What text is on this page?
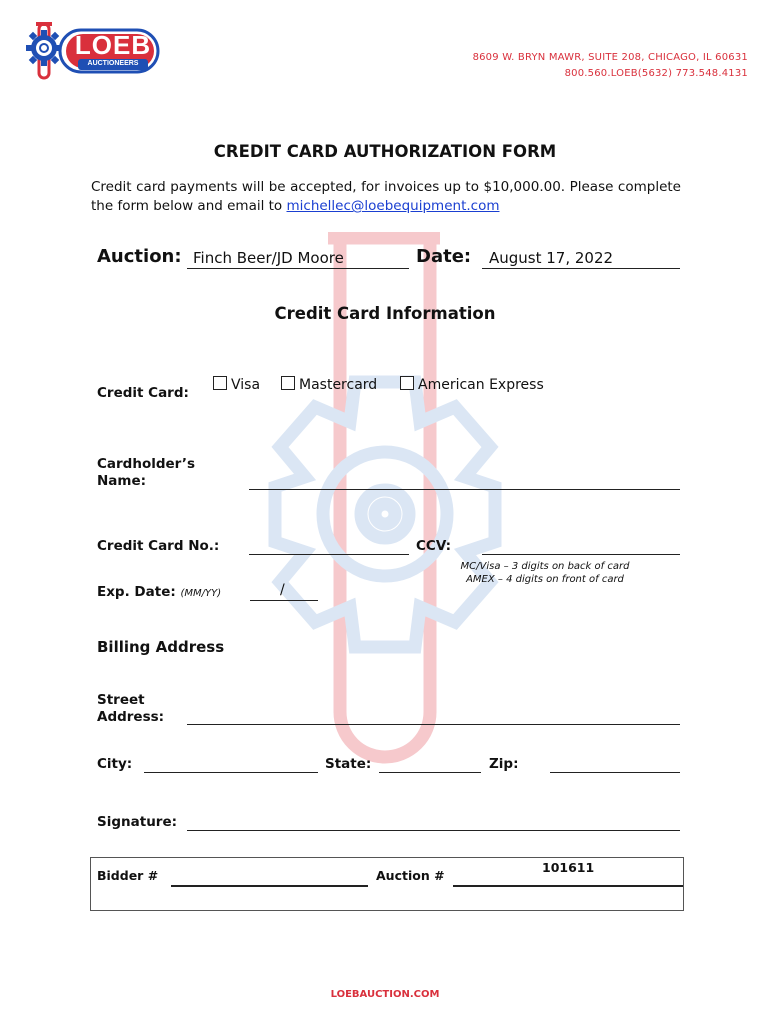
LOEB
AUCTIONEERS
8609 W. BRYN MAWR, SUITE 208, CHICAGO, IL 60631
800.560.LOEB(5632) 773.548.4131
CREDIT CARD AUTHORIZATION FORM
Credit card payments will be accepted, for invoices up to $10,000.00. Please complete the form below and email to michellec@loebequipment.com
Auction: Finch Beer/JD Moore	Date: August 17, 2022
Credit Card Information
Credit Card:	Visa	Mastercard	American Express
Cardholder’s
Name:
Credit Card No.:	CCV:
MC/Visa – 3 digits on back of card
AMEX – 4 digits on front of card
Exp. Date: (MM/YY)	/
Billing Address
Street
Address:
City:	State:	Zip:
Signature:
Bidder #	Auction #
101611
LOEBAUCTION.COM
